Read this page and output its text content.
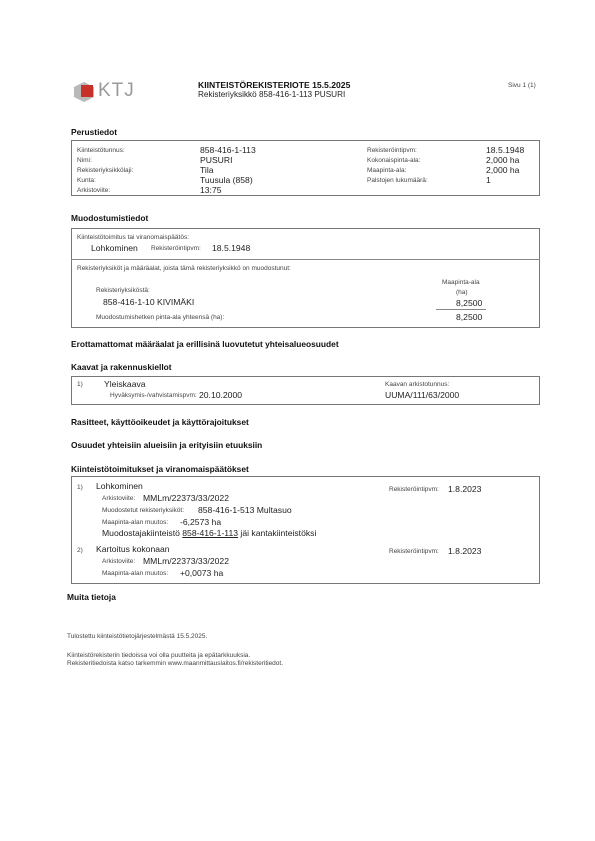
KTJ	KIINTEISTÖREKISTERIOTE 15.5.2025
Rekisteriyksikkö 858-416-1-113 PUSURI
Sivu 1 (1)
Perustiedot
Kiinteistötunnus:	858-416-1-113
Nimi:	PUSURI
Rekisteriyksikkölaji:	Tila
Kunta:	Tuusula (858)
Arkistoviite:	13:75
Rekisteröintipvm:	18.5.1948
Kokonaispinta-ala:	2,000 ha
Maapinta-ala:	2,000 ha
Palstojen lukumäärä:	1
Muodostumistiedot
Kiinteistötoimitus tai viranomaispäätös:
Lohkominen Rekisteröintipvm: 18.5.1948
Rekisteriyksiköt ja määräalat, joista tämä rekisteriyksikkö on muodostunut:
Maapinta-ala
(ha)
Rekisteriyksiköstä:
858-416-1-10 KIVIMÄKI	8,2500
Muodostumishetken pinta-ala yhteensä (ha):	8,2500
Erottamattomat määräalat ja erillisinä luovutetut yhteisalueosuudet
Kaavat ja rakennuskiellot
1) Yleiskaava
Hyväksymis-/vahvistamispvm: 20.10.2000
Kaavan arkistotunnus:
UUMA/111/63/2000
Rasitteet, käyttöoikeudet ja käyttörajoitukset
Osuudet yhteisiin alueisiin ja erityisiin etuuksiin
Kiinteistötoimitukset ja viranomaispäätökset
1) Lohkominen	Rekisteröintipvm: 1.8.2023
Arkistoviite: MMLm/22373/33/2022
Muodostetut rekisteriyksiköt: 858-416-1-513 Multasuo
Maapinta-alan muutos: -6,2573 ha
Muodostajakiinteistö 858-416-1-113 jäi kantakiinteistöksi
2) Kartoitus kokonaan	Rekisteröintipvm: 1.8.2023
Arkistoviite: MMLm/22373/33/2022
Maapinta-alan muutos: +0,0073 ha
Muita tietoja
Tulostettu kiinteistötietojärjestelmästä 15.5.2025.
Kiinteistörekisterin tiedoissa voi olla puutteita ja epätarkkuuksia.
Rekisteritiedoista katso tarkemmin www.maanmittauslaitos.fi/rekisteritiedot.
